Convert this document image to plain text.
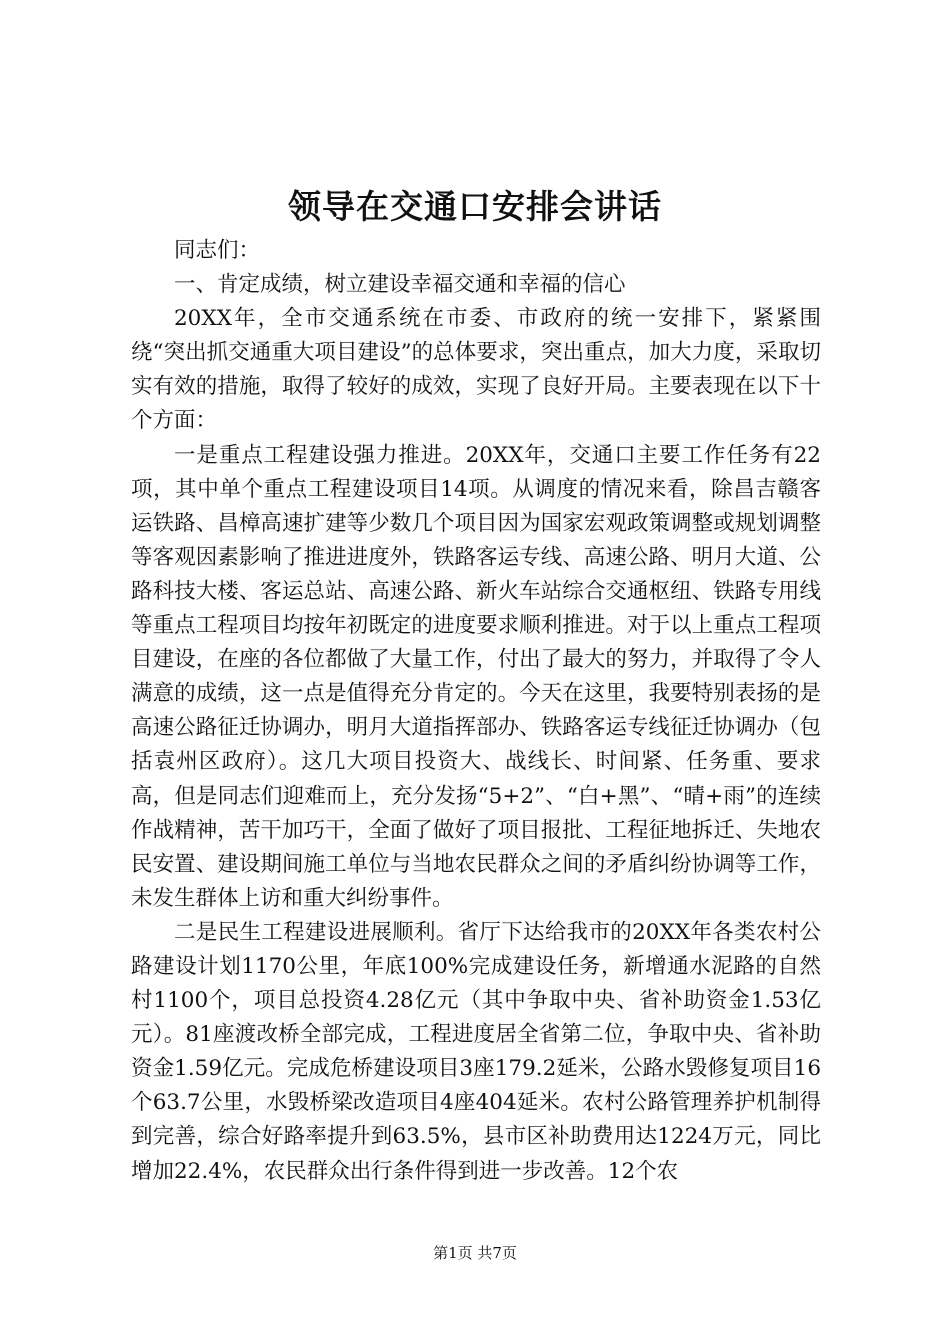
领导在交通口安排会讲话

同志们：

一、肯定成绩，树立建设幸福交通和幸福的信心

20XX年，全市交通系统在市委、市政府的统一安排下，紧紧围绕“突出抓交通重大项目建设”的总体要求，突出重点，加大力度，采取切实有效的措施，取得了较好的成效，实现了良好开局。主要表现在以下十个方面：

一是重点工程建设强力推进。20XX年，交通口主要工作任务有22项，其中单个重点工程建设项目14项。从调度的情况来看，除昌吉赣客运铁路、昌樟高速扩建等少数几个项目因为国家宏观政策调整或规划调整等客观因素影响了推进进度外，铁路客运专线、高速公路、明月大道、公路科技大楼、客运总站、高速公路、新火车站综合交通枢纽、铁路专用线等重点工程项目均按年初既定的进度要求顺利推进。对于以上重点工程项目建设，在座的各位都做了大量工作，付出了最大的努力，并取得了令人满意的成绩，这一点是值得充分肯定的。今天在这里，我要特别表扬的是高速公路征迁协调办，明月大道指挥部办、铁路客运专线征迁协调办（包括袁州区政府）。这几大项目投资大、战线长、时间紧、任务重、要求高，但是同志们迎难而上，充分发扬“5+2”、“白+黑”、“晴+雨”的连续作战精神，苦干加巧干，全面了做好了项目报批、工程征地拆迁、失地农民安置、建设期间施工单位与当地农民群众之间的矛盾纠纷协调等工作，未发生群体上访和重大纠纷事件。

二是民生工程建设进展顺利。省厅下达给我市的20XX年各类农村公路建设计划1170公里，年底100%完成建设任务，新增通水泥路的自然村1100个，项目总投资4.28亿元（其中争取中央、省补助资金1.53亿元）。81座渡改桥全部完成，工程进度居全省第二位，争取中央、省补助资金1.59亿元。完成危桥建设项目3座179.2延米，公路水毁修复项目16个63.7公里，水毁桥梁改造项目4座404延米。农村公路管理养护机制得到完善，综合好路率提升到63.5%，县市区补助费用达1224万元，同比增加22.4%，农民群众出行条件得到进一步改善。12个农

第1页 共7页
